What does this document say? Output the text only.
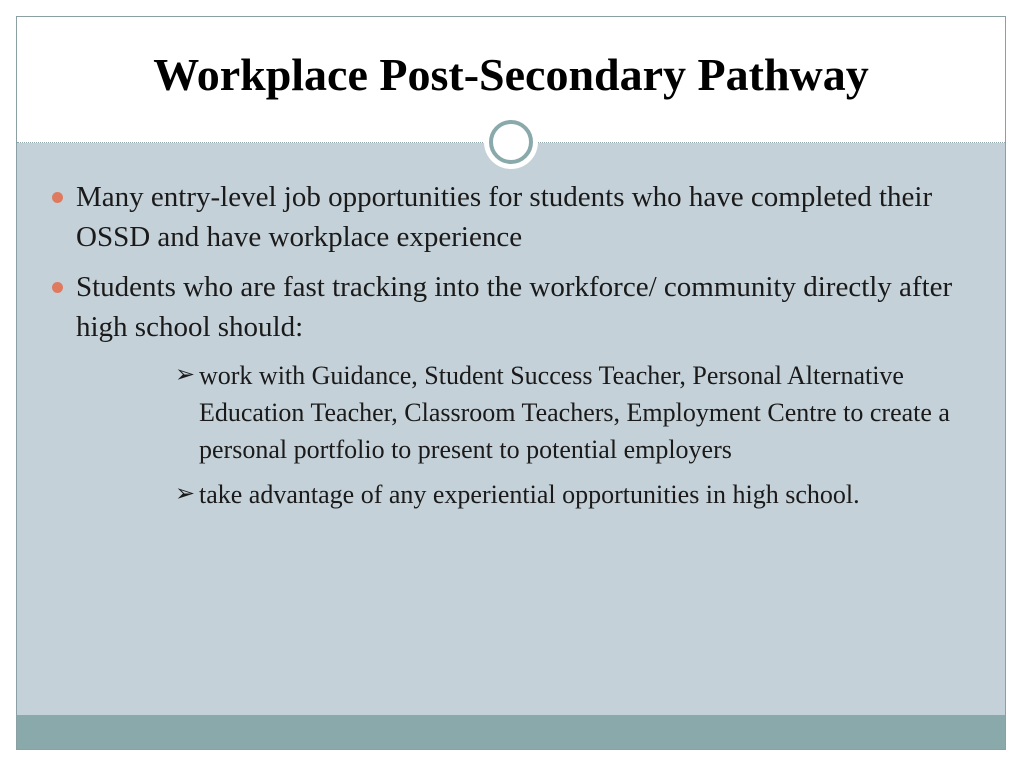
Workplace Post-Secondary Pathway
Many entry-level job opportunities for students who have completed their OSSD and have workplace experience
Students who are fast tracking into the workforce/ community directly after high school should:
➢ work with Guidance, Student Success Teacher, Personal Alternative Education Teacher, Classroom Teachers, Employment Centre to create a personal portfolio to present to potential employers
➢ take advantage of any experiential opportunities in high school.
